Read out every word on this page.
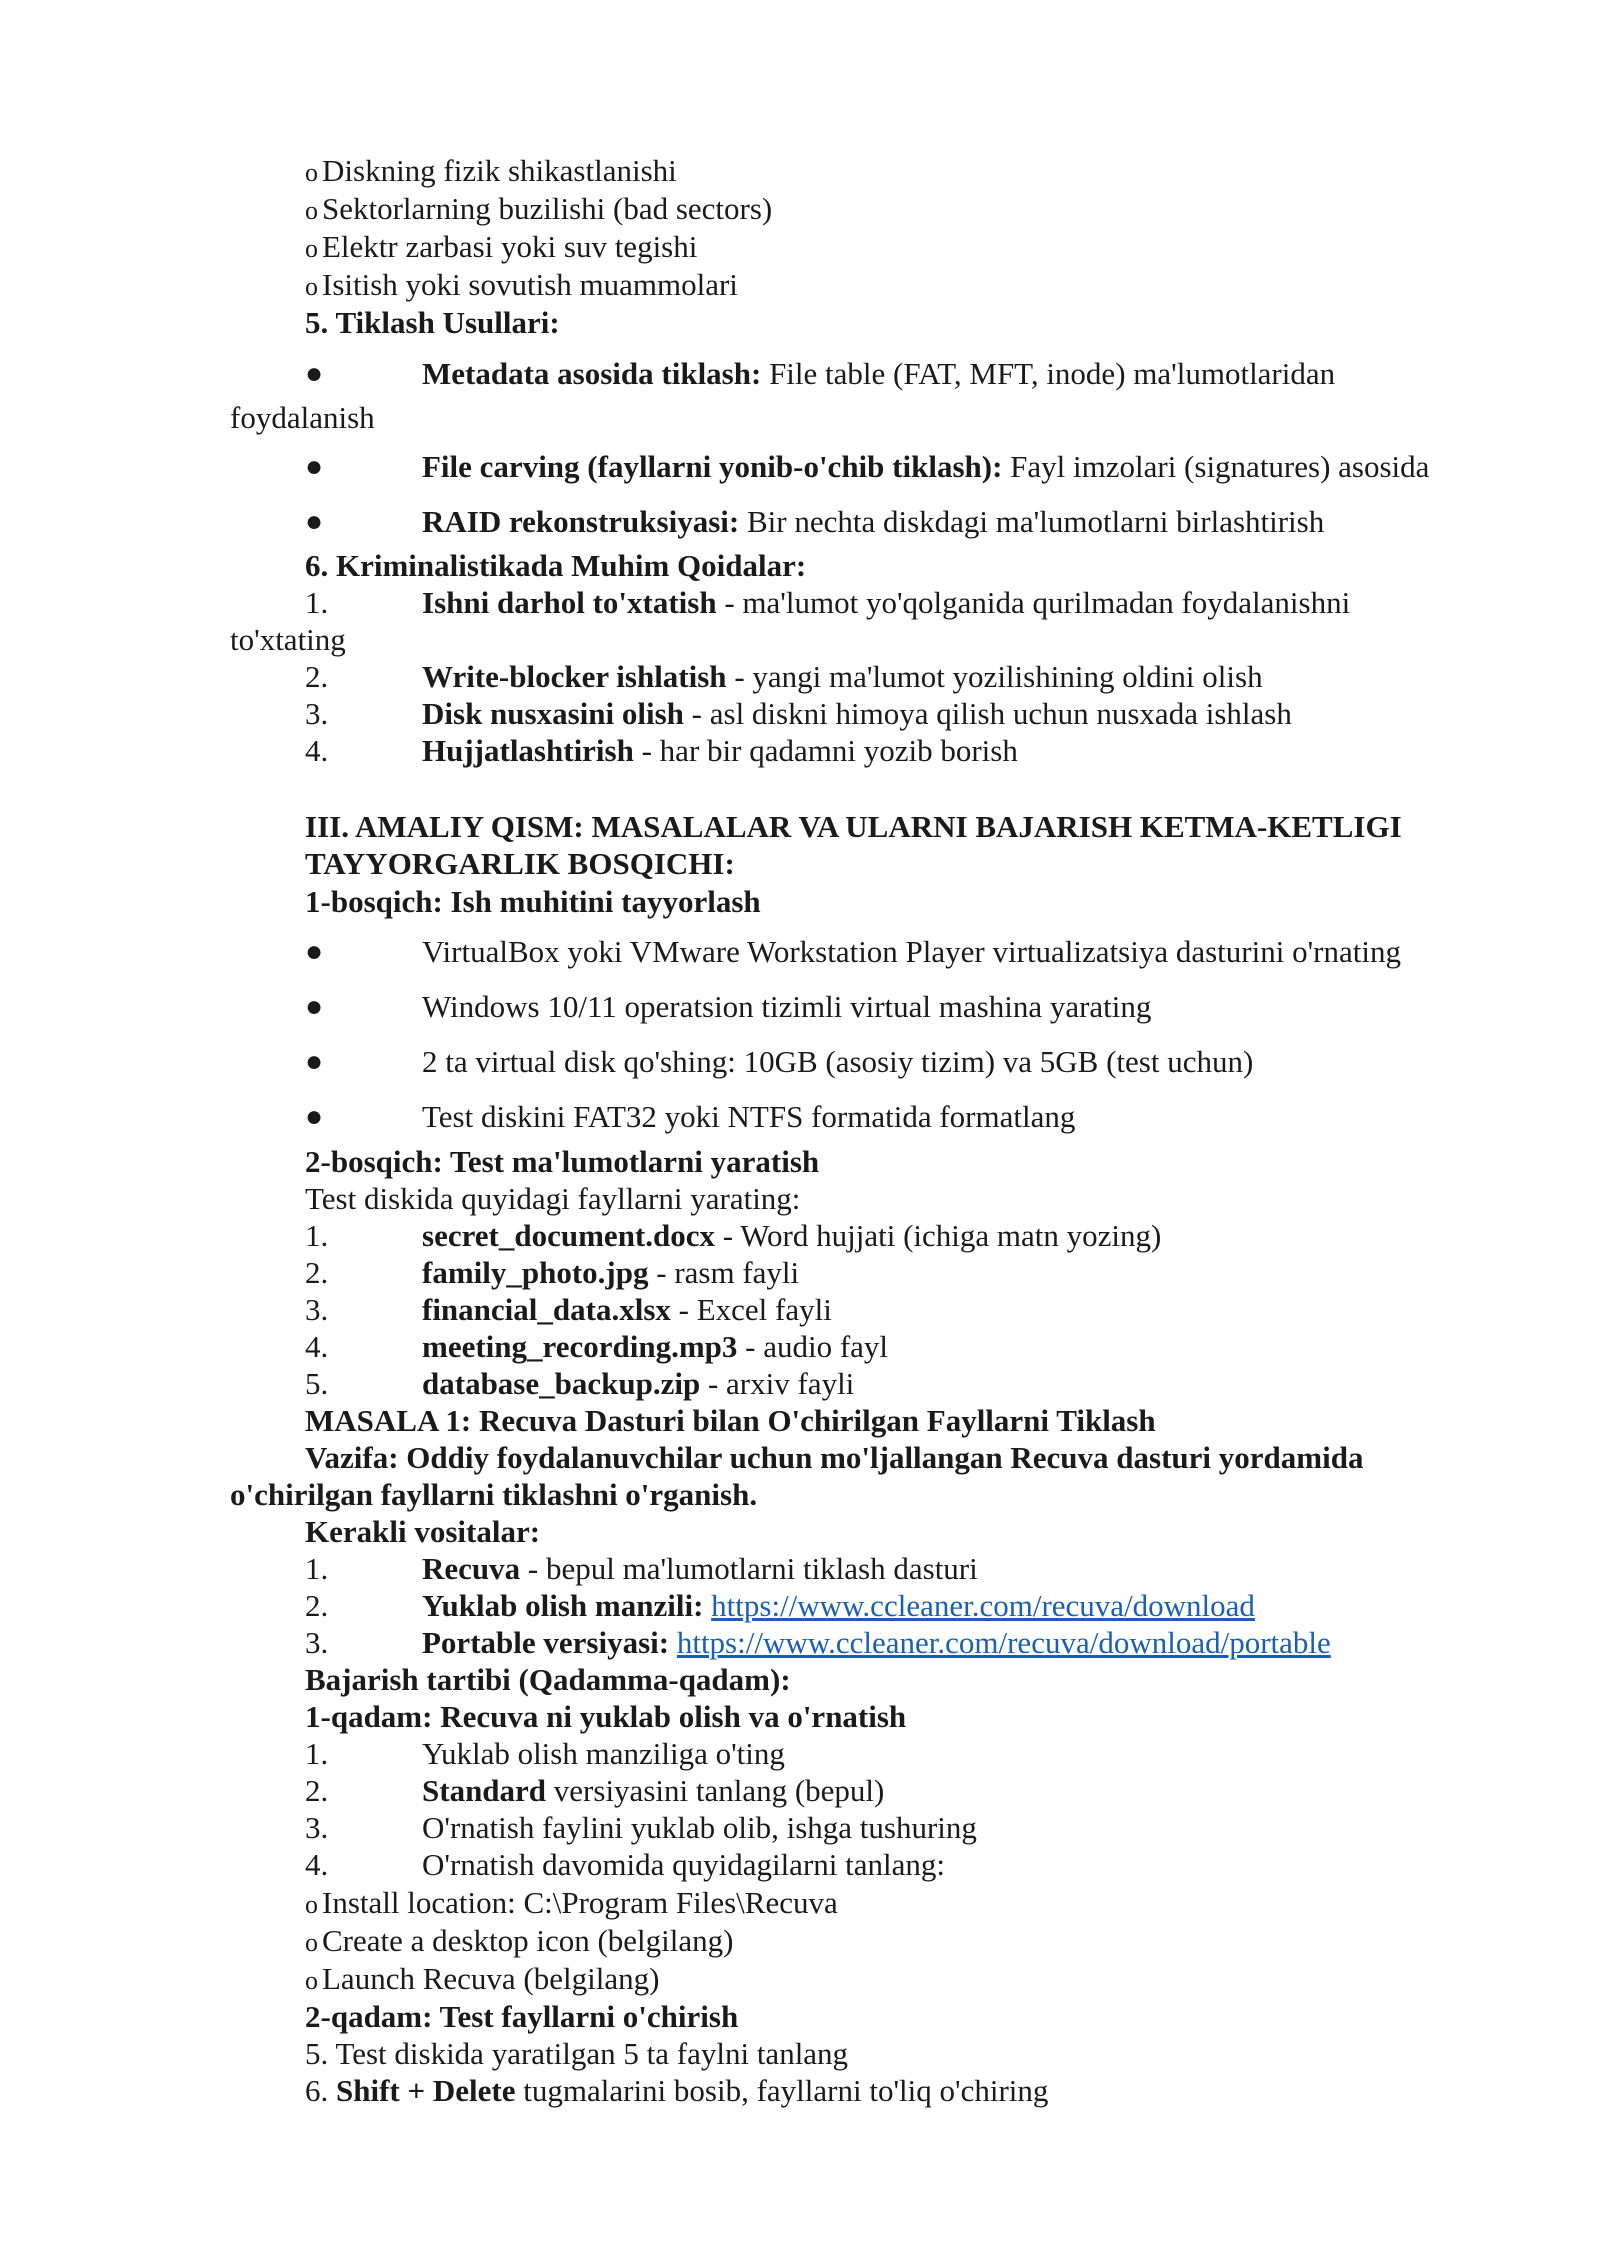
o Diskning fizik shikastlanishi
o Sektorlarning buzilishi (bad sectors)
o Elektr zarbasi yoki suv tegishi
o Isitish yoki sovutish muammolari
5. Tiklash Usullari:
●	Metadata asosida tiklash: File table (FAT, MFT, inode) ma'lumotlaridan
foydalanish
●	File carving (fayllarni yonib-o'chib tiklash): Fayl imzolari (signatures) asosida
●	RAID rekonstruksiyasi: Bir nechta diskdagi ma'lumotlarni birlashtirish
6. Kriminalistikada Muhim Qoidalar:
1.	Ishni darhol to'xtatish - ma'lumot yo'qolganida qurilmadan foydalanishni
to'xtating
2.	Write-blocker ishlatish - yangi ma'lumot yozilishining oldini olish
3.	Disk nusxasini olish - asl diskni himoya qilish uchun nusxada ishlash
4.	Hujjatlashtirish - har bir qadamni yozib borish
III. AMALIY QISM: MASALALAR VA ULARNI BAJARISH KETMA-KETLIGI
TAYYORGARLIK BOSQICHI:
1-bosqich: Ish muhitini tayyorlash
●	VirtualBox yoki VMware Workstation Player virtualizatsiya dasturini o'rnating
●	Windows 10/11 operatsion tizimli virtual mashina yarating
●	2 ta virtual disk qo'shing: 10GB (asosiy tizim) va 5GB (test uchun)
●	Test diskini FAT32 yoki NTFS formatida formatlang
2-bosqich: Test ma'lumotlarni yaratish
Test diskida quyidagi fayllarni yarating:
1.	secret_document.docx - Word hujjati (ichiga matn yozing)
2.	family_photo.jpg - rasm fayli
3.	financial_data.xlsx - Excel fayli
4.	meeting_recording.mp3 - audio fayl
5.	database_backup.zip - arxiv fayli
MASALA 1: Recuva Dasturi bilan O'chirilgan Fayllarni Tiklash
Vazifa: Oddiy foydalanuvchilar uchun mo'ljallangan Recuva dasturi yordamida
o'chirilgan fayllarni tiklashni o'rganish.
Kerakli vositalar:
1.	Recuva - bepul ma'lumotlarni tiklash dasturi
2.	Yuklab olish manzili: https://www.ccleaner.com/recuva/download
3.	Portable versiyasi: https://www.ccleaner.com/recuva/download/portable
Bajarish tartibi (Qadamma-qadam):
1-qadam: Recuva ni yuklab olish va o'rnatish
1.	Yuklab olish manziliga o'ting
2.	Standard versiyasini tanlang (bepul)
3.	O'rnatish faylini yuklab olib, ishga tushuring
4.	O'rnatish davomida quyidagilarni tanlang:
o Install location: C:\Program Files\Recuva
o Create a desktop icon (belgilang)
o Launch Recuva (belgilang)
2-qadam: Test fayllarni o'chirish
5. Test diskida yaratilgan 5 ta faylni tanlang
6. Shift + Delete tugmalarini bosib, fayllarni to'liq o'chiring
